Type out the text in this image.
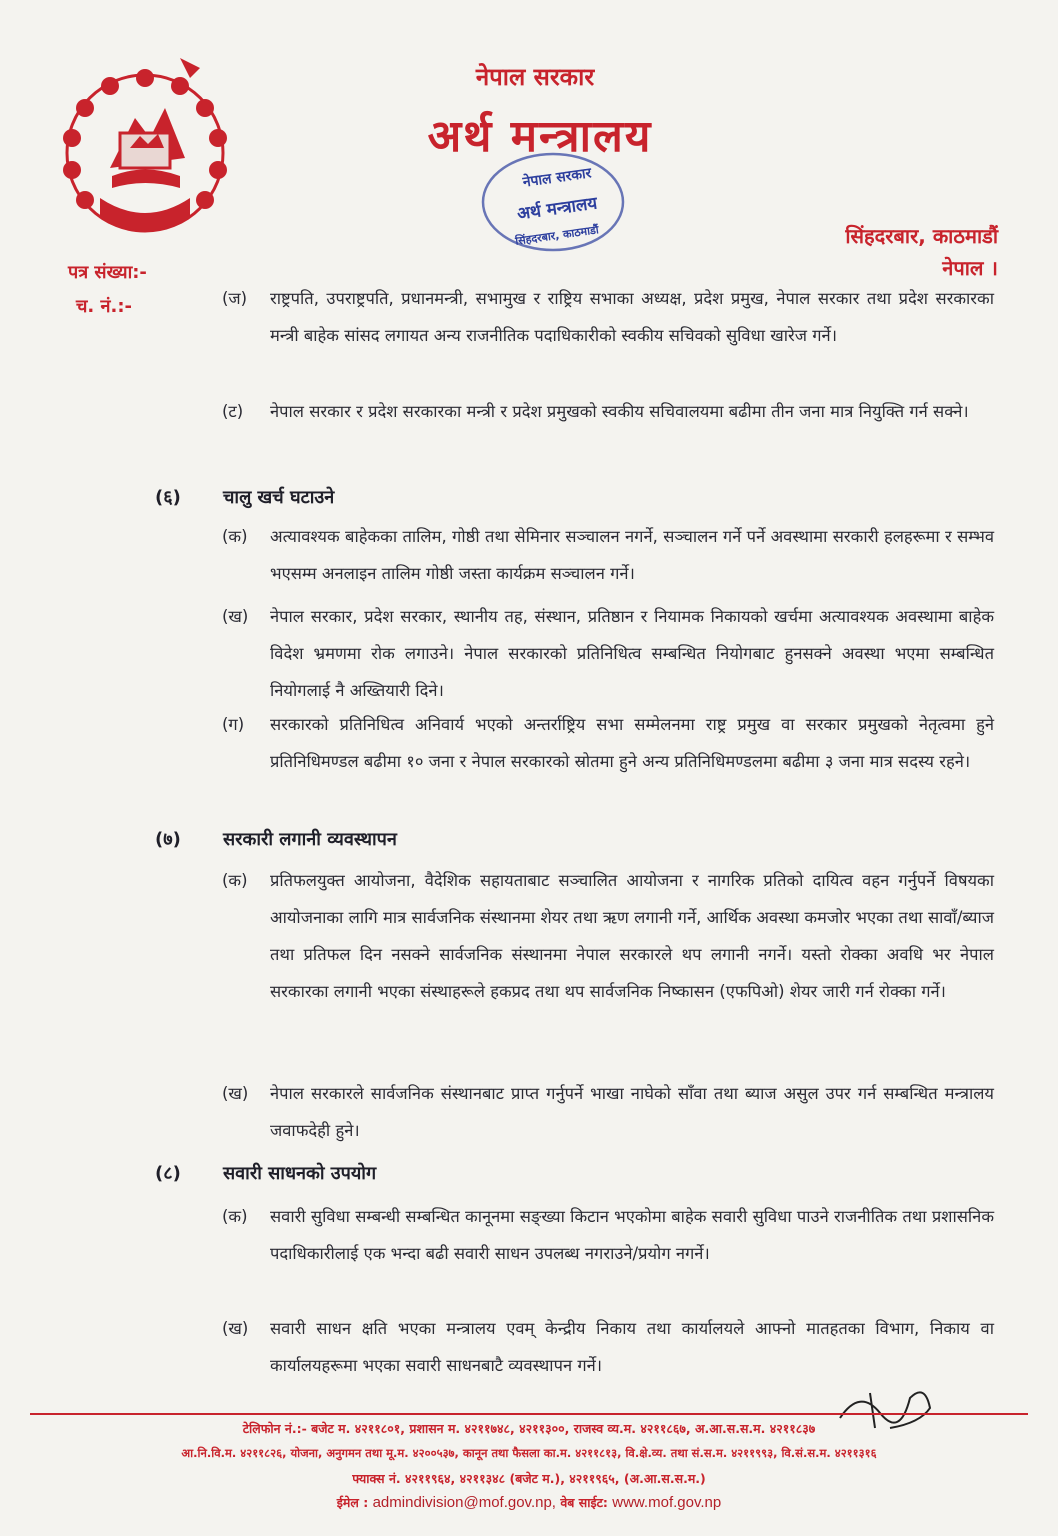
नेपाल सरकार
अर्थ मन्त्रालय
नेपाल सरकार
अर्थ मन्त्रालय
सिंहदरबार, काठमाडौं	सिंहदरबार, काठमाडौं
नेपाल ।
पत्र संख्या:-
च. नं.:-	(ज)	राष्ट्रपति, उपराष्ट्रपति, प्रधानमन्त्री, सभामुख र राष्ट्रिय सभाका अध्यक्ष, प्रदेश प्रमुख, नेपाल सरकार तथा प्रदेश सरकारका मन्त्री बाहेक सांसद लगायत अन्य राजनीतिक पदाधिकारीको स्वकीय सचिवको सुविधा खारेज गर्ने।
(ट)	नेपाल सरकार र प्रदेश सरकारका मन्त्री र प्रदेश प्रमुखको स्वकीय सचिवालयमा बढीमा तीन जना मात्र नियुक्ति गर्न सक्ने।
(६) चालु खर्च घटाउने
(क)	अत्यावश्यक बाहेकका तालिम, गोष्ठी तथा सेमिनार सञ्चालन नगर्ने, सञ्चालन गर्ने पर्ने अवस्थामा सरकारी हलहरूमा र सम्भव भएसम्म अनलाइन तालिम गोष्ठी जस्ता कार्यक्रम सञ्चालन गर्ने।
(ख)	नेपाल सरकार, प्रदेश सरकार, स्थानीय तह, संस्थान, प्रतिष्ठान र नियामक निकायको खर्चमा अत्यावश्यक अवस्थामा बाहेक विदेश भ्रमणमा रोक लगाउने। नेपाल सरकारको प्रतिनिधित्व सम्बन्धित नियोगबाट हुनसक्ने अवस्था भएमा सम्बन्धित नियोगलाई नै अख्तियारी दिने।
(ग)	सरकारको प्रतिनिधित्व अनिवार्य भएको अन्तर्राष्ट्रिय सभा सम्मेलनमा राष्ट्र प्रमुख वा सरकार प्रमुखको नेतृत्वमा हुने प्रतिनिधिमण्डल बढीमा १० जना र नेपाल सरकारको स्रोतमा हुने अन्य प्रतिनिधिमण्डलमा बढीमा ३ जना मात्र सदस्य रहने।
(७) सरकारी लगानी व्यवस्थापन
(क)	प्रतिफलयुक्त आयोजना, वैदेशिक सहायताबाट सञ्चालित आयोजना र नागरिक प्रतिको दायित्व वहन गर्नुपर्ने विषयका आयोजनाका लागि मात्र सार्वजनिक संस्थानमा शेयर तथा ऋण लगानी गर्ने, आर्थिक अवस्था कमजोर भएका तथा सावाँ/ब्याज तथा प्रतिफल दिन नसक्ने सार्वजनिक संस्थानमा नेपाल सरकारले थप लगानी नगर्ने। यस्तो रोक्का अवधि भर नेपाल सरकारका लगानी भएका संस्थाहरूले हकप्रद तथा थप सार्वजनिक निष्कासन (एफपिओ) शेयर जारी गर्न रोक्का गर्ने।
(ख)	नेपाल सरकारले सार्वजनिक संस्थानबाट प्राप्त गर्नुपर्ने भाखा नाघेको साँवा तथा ब्याज असुल उपर गर्न सम्बन्धित मन्त्रालय जवाफदेही हुने।
(८) सवारी साधनको उपयोग
(क)	सवारी सुविधा सम्बन्धी सम्बन्धित कानूनमा सङ्ख्या किटान भएकोमा बाहेक सवारी सुविधा पाउने राजनीतिक तथा प्रशासनिक पदाधिकारीलाई एक भन्दा बढी सवारी साधन उपलब्ध नगराउने/प्रयोग नगर्ने।
(ख)	सवारी साधन क्षति भएका मन्त्रालय एवम् केन्द्रीय निकाय तथा कार्यालयले आफ्नो मातहतका विभाग, निकाय वा कार्यालयहरूमा भएका सवारी साधनबाटै व्यवस्थापन गर्ने।
टेलिफोन नं.:- बजेट म. ४२११८०१, प्रशासन म. ४२११७४८, ४२११३००, राजस्व व्य.म. ४२११८६७, अ.आ.स.स.म. ४२११८३७
आ.नि.वि.म. ४२११८२६, योजना, अनुगमन तथा मू.म. ४२००५३७, कानून तथा फैसला का.म. ४२११८१३, वि.क्षे.व्य. तथा सं.स.म. ४२११९९३, वि.सं.स.म. ४२११३१६
फ्याक्स नं. ४२११९६४, ४२११३४८ (बजेट म.), ४२११९६५, (अ.आ.स.स.म.)
ईमेल : admindivision@mof.gov.np, वेब साईट: www.mof.gov.np
